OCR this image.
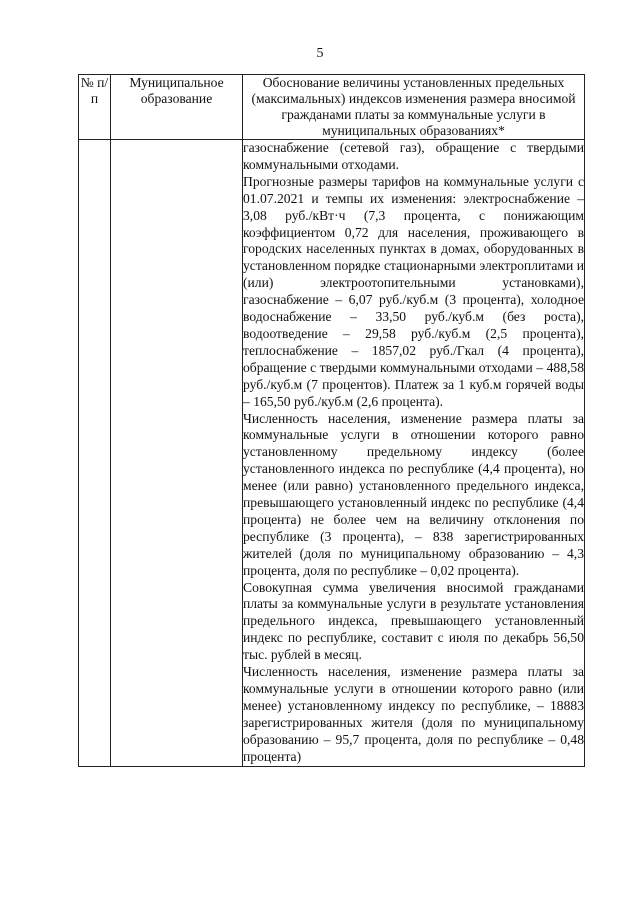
5
№ п/п	Муниципальное образование	Обоснование величины установленных предельных (максимальных) индексов изменения размера вносимой гражданами платы за коммунальные услуги в муниципальных образованиях*

		газоснабжение (сетевой газ), обращение с твердыми коммунальными отходами.

Прогнозные размеры тарифов на коммунальные услуги с 01.07.2021 и темпы их изменения: электроснабжение – 3,08 руб./кВт·ч (7,3 процента, с понижающим коэффициентом 0,72 для населения, проживающего в городских населенных пунктах в домах, оборудованных в установленном порядке стационарными электроплитами и (или) электроотопительными установками), газоснабжение – 6,07 руб./куб.м (3 процента), холодное водоснабжение – 33,50 руб./куб.м (без роста), водоотведение – 29,58 руб./куб.м (2,5 процента), теплоснабжение – 1857,02 руб./Гкал (4 процента), обращение с твердыми коммунальными отходами – 488,58 руб./куб.м (7 процентов). Платеж за 1 куб.м горячей воды – 165,50 руб./куб.м (2,6 процента).

Численность населения, изменение размера платы за коммунальные услуги в отношении которого равно установленному предельному индексу (более установленного индекса по республике (4,4 процента), но менее (или равно) установленного предельного индекса, превышающего установленный индекс по республике (4,4 процента) не более чем на величину отклонения по республике (3 процента), – 838 зарегистрированных жителей (доля по муниципальному образованию – 4,3 процента, доля по республике – 0,02 процента).

Совокупная сумма увеличения вносимой гражданами платы за коммунальные услуги в результате установления предельного индекса, превышающего установленный индекс по республике, составит с июля по декабрь 56,50 тыс. рублей в месяц.

Численность населения, изменение размера платы за коммунальные услуги в отношении которого равно (или менее) установленному индексу по республике, – 18883 зарегистрированных жителя (доля по муниципальному образованию – 95,7 процента, доля по республике – 0,48 процента)
